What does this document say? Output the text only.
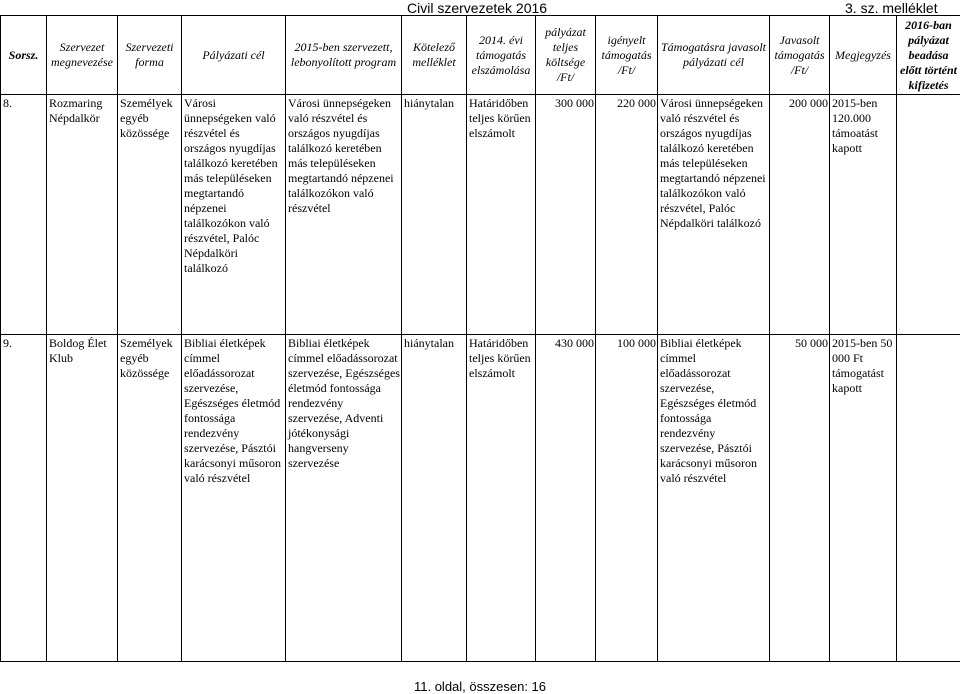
Civil szervezetek 2016	3. sz. melléklet
Sorsz.	Szervezet megnevezése	Szervezeti forma	Pályázati cél	2015-ben szervezett, lebonyolított program	Kötelező melléklet	2014. évi támogatás elszámolása	pályázat teljes költsége /Ft/	igényelt támogatás /Ft/	Támogatásra javasolt pályázati cél	Javasolt támogatás /Ft/	Megjegyzés	2016-ban pályázat beadása előtt történt kifizetés
8.	Rozmaring Népdalkör	Személyek egyéb közössége	Városi ünnepségeken való részvétel és országos nyugdíjas találkozó keretében más településeken megtartandó népzenei találkozókon való részvétel, Palóc Népdalköri találkozó	Városi ünnepségeken való részvétel és országos nyugdíjas találkozó keretében más településeken megtartandó népzenei találkozókon való részvétel	hiánytalan	Határidőben teljes körűen elszámolt	300 000	220 000	Városi ünnepségeken való részvétel és országos nyugdíjas találkozó keretében más településeken megtartandó népzenei találkozókon való részvétel, Palóc Népdalköri találkozó	200 000	2015-ben 120.000 támoatást kapott	
9.	Boldog Élet Klub	Személyek egyéb közössége	Bibliai életképek címmel előadássorozat szervezése, Egészséges életmód fontossága rendezvény szervezése, Pásztói karácsonyi műsoron való részvétel	Bibliai életképek címmel előadássorozat szervezése, Egészséges életmód fontossága rendezvény szervezése, Adventi jótékonysági hangverseny szervezése	hiánytalan	Határidőben teljes körűen elszámolt	430 000	100 000	Bibliai életképek címmel előadássorozat szervezése, Egészséges életmód fontossága rendezvény szervezése, Pásztói karácsonyi műsoron való részvétel	50 000	2015-ben 50 000 Ft támogatást kapott	
11. oldal, összesen: 16
